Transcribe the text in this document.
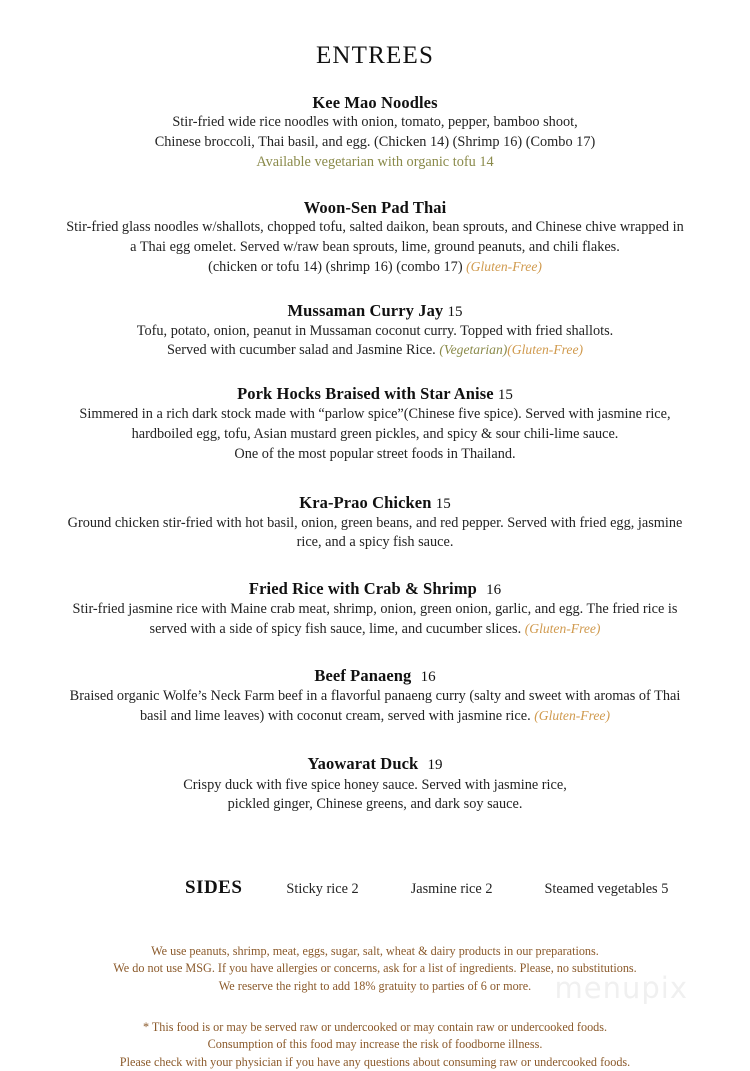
ENTREES
Kee Mao Noodles
Stir-fried wide rice noodles with onion, tomato, pepper, bamboo shoot,
Chinese broccoli, Thai basil, and egg. (Chicken 14) (Shrimp 16) (Combo 17)
Available vegetarian with organic tofu 14
Woon-Sen Pad Thai
Stir-fried glass noodles w/shallots, chopped tofu, salted daikon, bean sprouts, and Chinese chive wrapped in
a Thai egg omelet. Served w/raw bean sprouts, lime, ground peanuts, and chili flakes.
(chicken or tofu 14) (shrimp 16) (combo 17) (Gluten-Free)
Mussaman Curry Jay 15
Tofu, potato, onion, peanut in Mussaman coconut curry. Topped with fried shallots.
Served with cucumber salad and Jasmine Rice. (Vegetarian)(Gluten-Free)
Pork Hocks Braised with Star Anise 15
Simmered in a rich dark stock made with “parlow spice”(Chinese five spice). Served with jasmine rice,
hardboiled egg, tofu, Asian mustard green pickles, and spicy & sour chili-lime sauce.
One of the most popular street foods in Thailand.
Kra-Prao Chicken 15
Ground chicken stir-fried with hot basil, onion, green beans, and red pepper. Served with fried egg, jasmine
rice, and a spicy fish sauce.
Fried Rice with Crab & Shrimp 16
Stir-fried jasmine rice with Maine crab meat, shrimp, onion, green onion, garlic, and egg. The fried rice is
served with a side of spicy fish sauce, lime, and cucumber slices. (Gluten-Free)
Beef Panaeng 16
Braised organic Wolfe’s Neck Farm beef in a flavorful panaeng curry (salty and sweet with aromas of Thai
basil and lime leaves) with coconut cream, served with jasmine rice. (Gluten-Free)
Yaowarat Duck 19
Crispy duck with five spice honey sauce. Served with jasmine rice,
pickled ginger, Chinese greens, and dark soy sauce.
SIDES	Sticky rice 2	Jasmine rice 2	Steamed vegetables 5
We use peanuts, shrimp, meat, eggs, sugar, salt, wheat & dairy products in our preparations.
We do not use MSG. If you have allergies or concerns, ask for a list of ingredients. Please, no substitutions.
We reserve the right to add 18% gratuity to parties of 6 or more.
* This food is or may be served raw or undercooked or may contain raw or undercooked foods.
Consumption of this food may increase the risk of foodborne illness.
Please check with your physician if you have any questions about consuming raw or undercooked foods.
menupix
